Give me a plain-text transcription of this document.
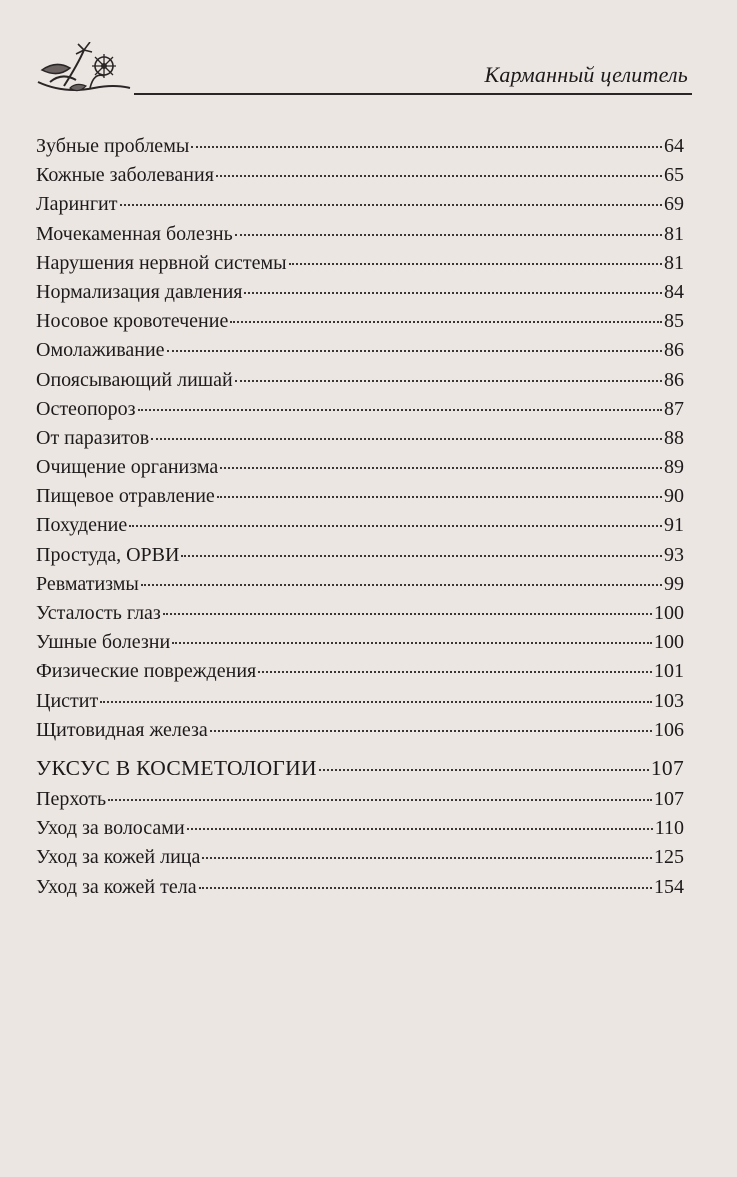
Карманный целитель
Зубные проблемы	64
Кожные заболевания	65
Ларингит	69
Мочекаменная болезнь	81
Нарушения нервной системы	81
Нормализация давления	84
Носовое кровотечение	85
Омолаживание	86
Опоясывающий лишай	86
Остеопороз	87
От паразитов	88
Очищение организма	89
Пищевое отравление	90
Похудение	91
Простуда, ОРВИ	93
Ревматизмы	99
Усталость глаз	100
Ушные болезни	100
Физические повреждения	101
Цистит	103
Щитовидная железа	106
УКСУС В КОСМЕТОЛОГИИ	107
Перхоть	107
Уход за волосами	110
Уход за кожей лица	125
Уход за кожей тела	154
